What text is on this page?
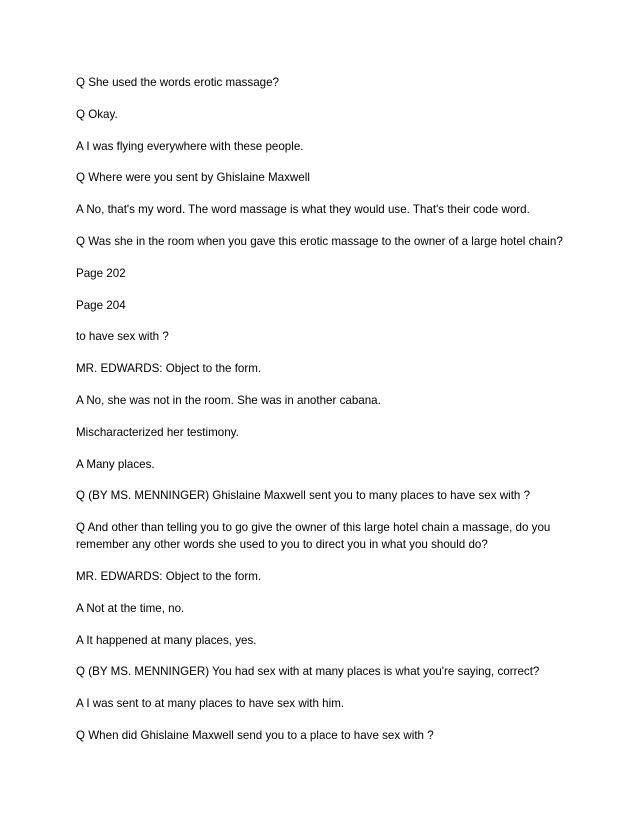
Q She used the words erotic massage?

Q Okay.

A I was flying everywhere with these people.

Q Where were you sent by Ghislaine Maxwell

A No, that's my word. The word massage is what they would use. That's their code word.

Q Was she in the room when you gave this erotic massage to the owner of a large hotel chain?

Page 202

Page 204

to have sex with ?

MR. EDWARDS: Object to the form.

A No, she was not in the room. She was in another cabana.

Mischaracterized her testimony.

A Many places.

Q (BY MS. MENNINGER) Ghislaine Maxwell sent you to many places to have sex with ?

Q And other than telling you to go give the owner of this large hotel chain a massage, do you remember any other words she used to you to direct you in what you should do?

MR. EDWARDS: Object to the form.

A Not at the time, no.

A It happened at many places, yes.

Q (BY MS. MENNINGER) You had sex with at many places is what you're saying, correct?

A I was sent to at many places to have sex with him.

Q When did Ghislaine Maxwell send you to a place to have sex with ?
